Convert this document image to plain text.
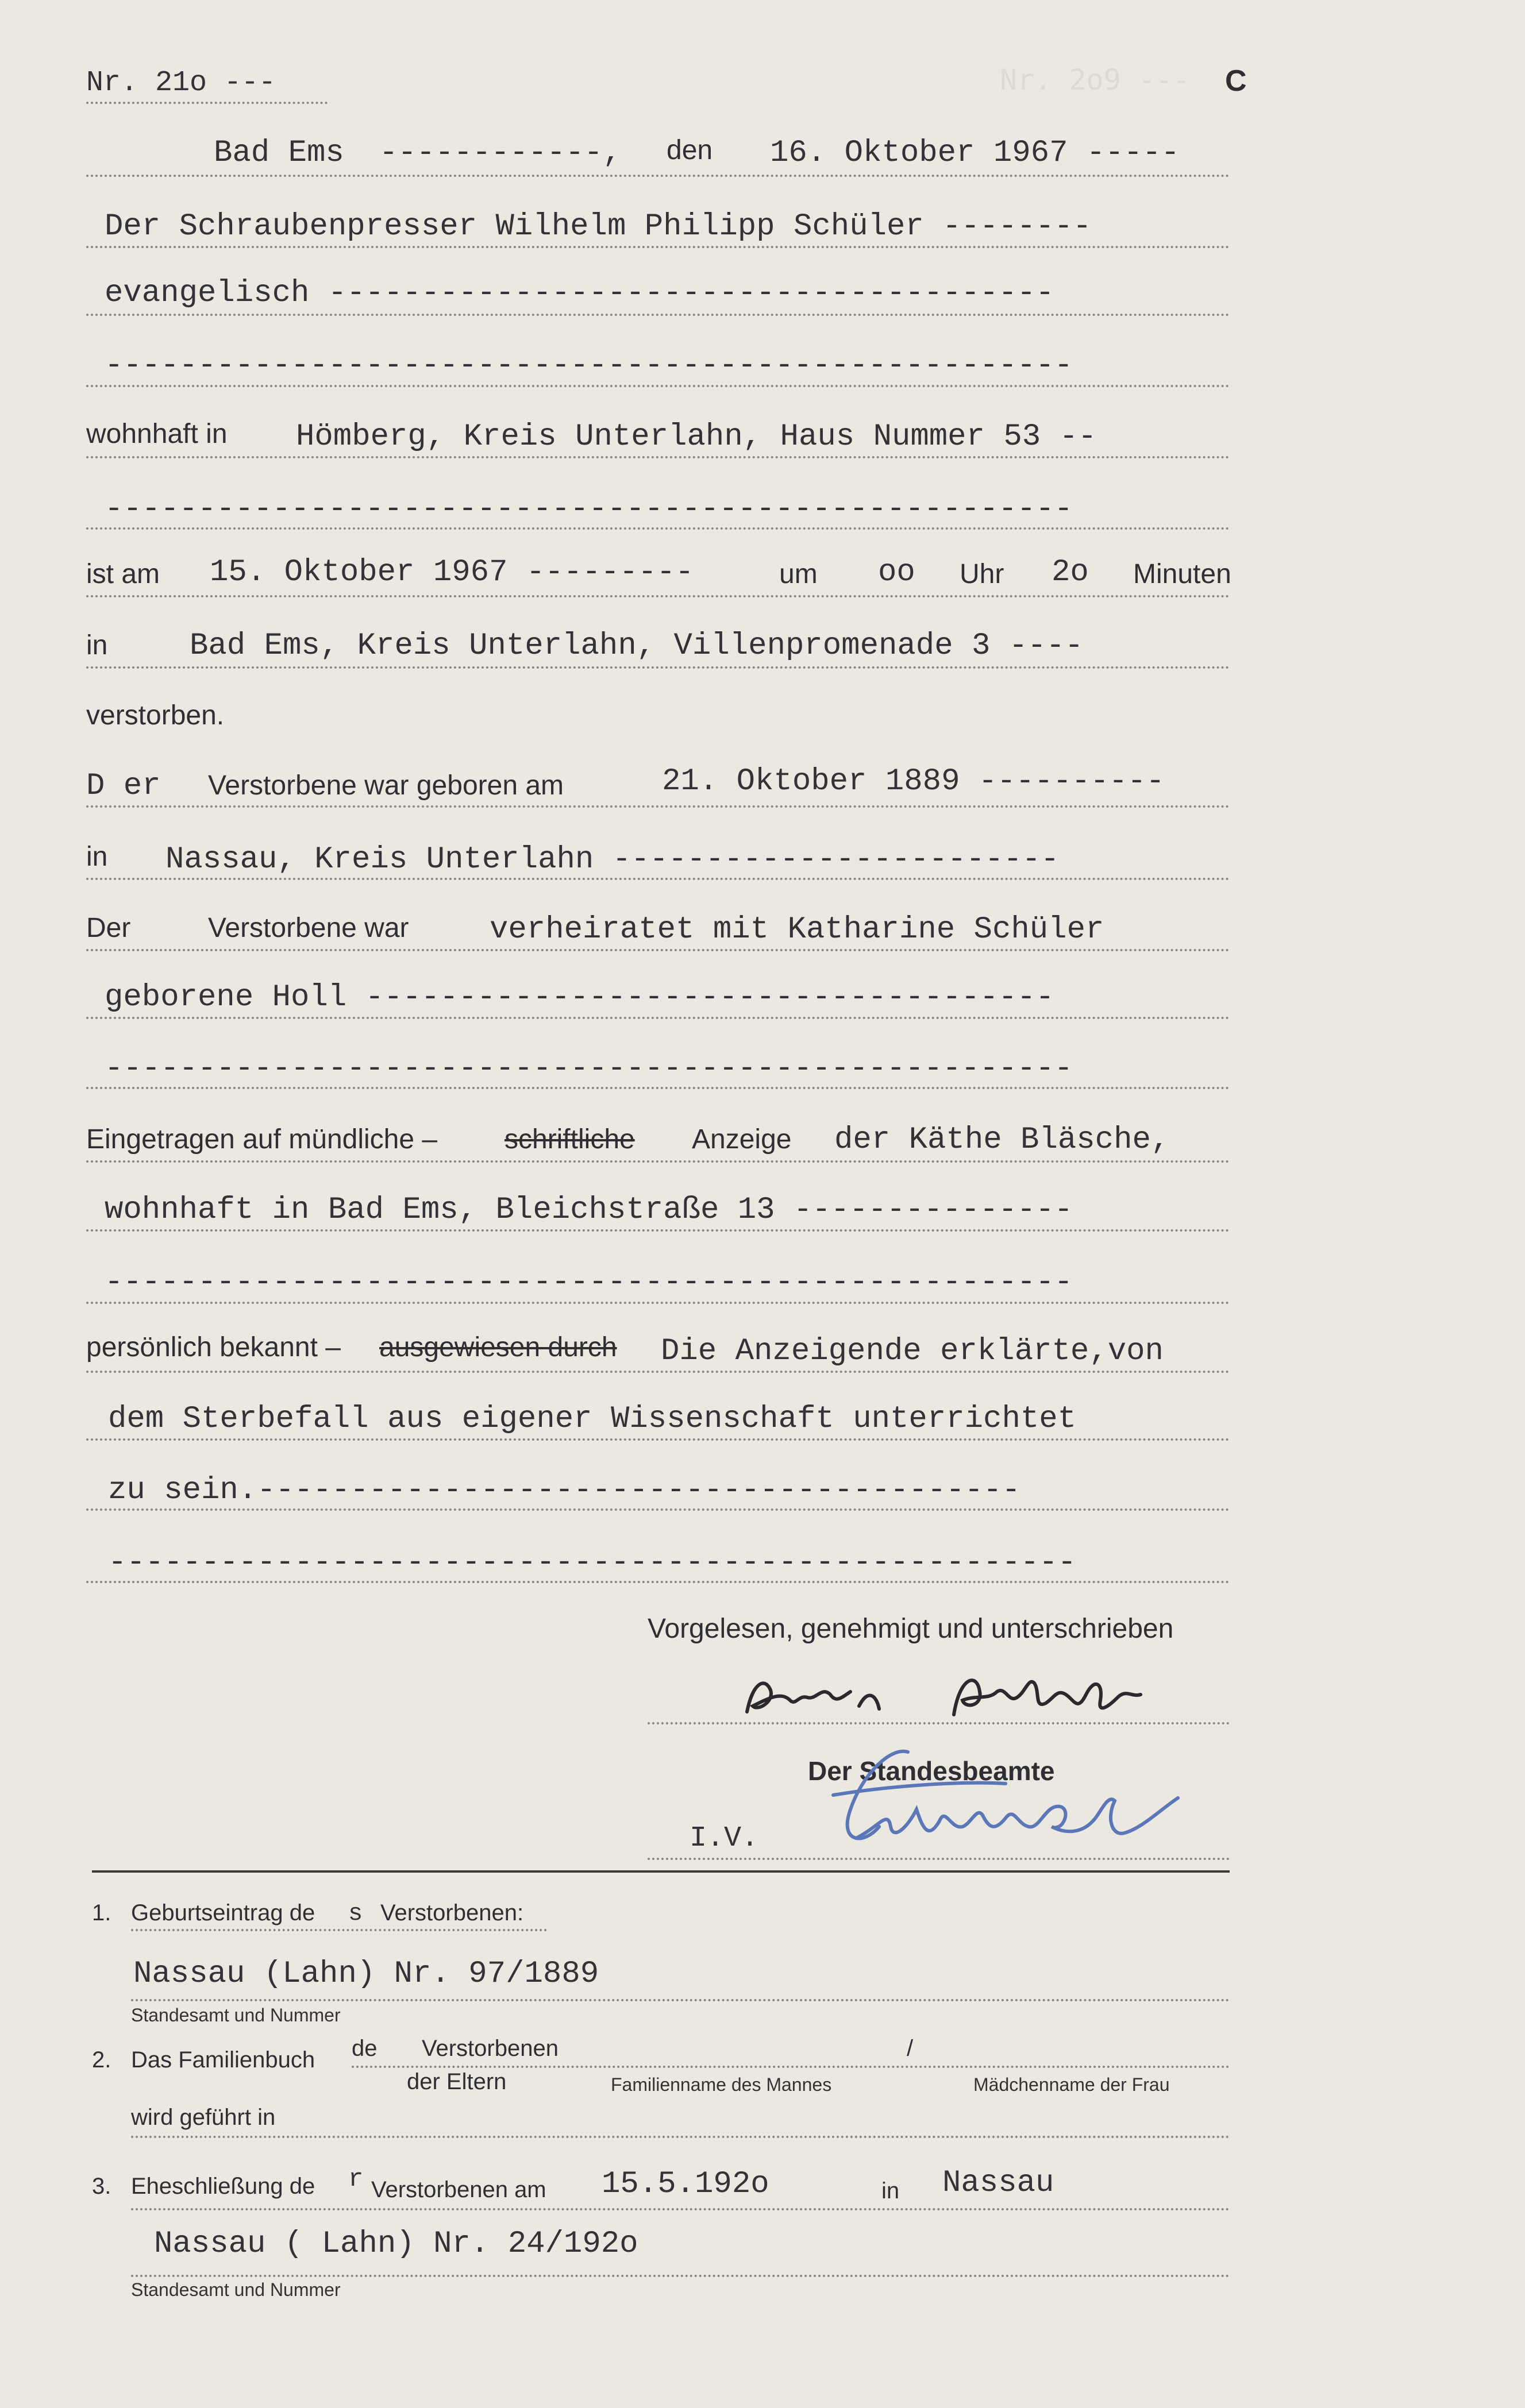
Nr. 2o9 ---
Nr. 21o ---	C
Bad Ems ------------, den 16. Oktober 1967 -----
Der Schraubenpresser Wilhelm Philipp Schüler --------
evangelisch ---------------------------------------
----------------------------------------------------
wohnhaft in Hömberg, Kreis Unterlahn, Haus Nummer 53 --
----------------------------------------------------
ist am 15. Oktober 1967 ---------	um oo Uhr 2o Minuten
in	Bad Ems, Kreis Unterlahn, Villenpromenade 3 ----
verstorben.
D er Verstorbene war geboren am	21. Oktober 1889 ----------
in Nassau, Kreis Unterlahn ------------------------
Der	Verstorbene war	verheiratet mit Katharine Schüler
geborene Holl -------------------------------------
----------------------------------------------------
Eingetragen auf mündliche – schriftliche Anzeige der Käthe Bläsche,
wohnhaft in Bad Ems, Bleichstraße 13 ---------------
----------------------------------------------------
persönlich bekannt – ausgewiesen durch Die Anzeigende erklärte,von
dem Sterbefall aus eigener Wissenschaft unterrichtet
zu sein.-----------------------------------------
----------------------------------------------------
Vorgelesen, genehmigt und unterschrieben
Der Standesbeamte
I.V.
1. Geburtseintrag de s Verstorbenen:
Nassau (Lahn) Nr. 97/1889
Standesamt und Nummer
2. Das Familienbuch de Verstorbenen	/
der Eltern	Familienname des Mannes	Mädchenname der Frau
wird geführt in
3. Eheschließung de r Verstorbenen am 15.5.192o	in Nassau
Nassau ( Lahn) Nr. 24/192o
Standesamt und Nummer
